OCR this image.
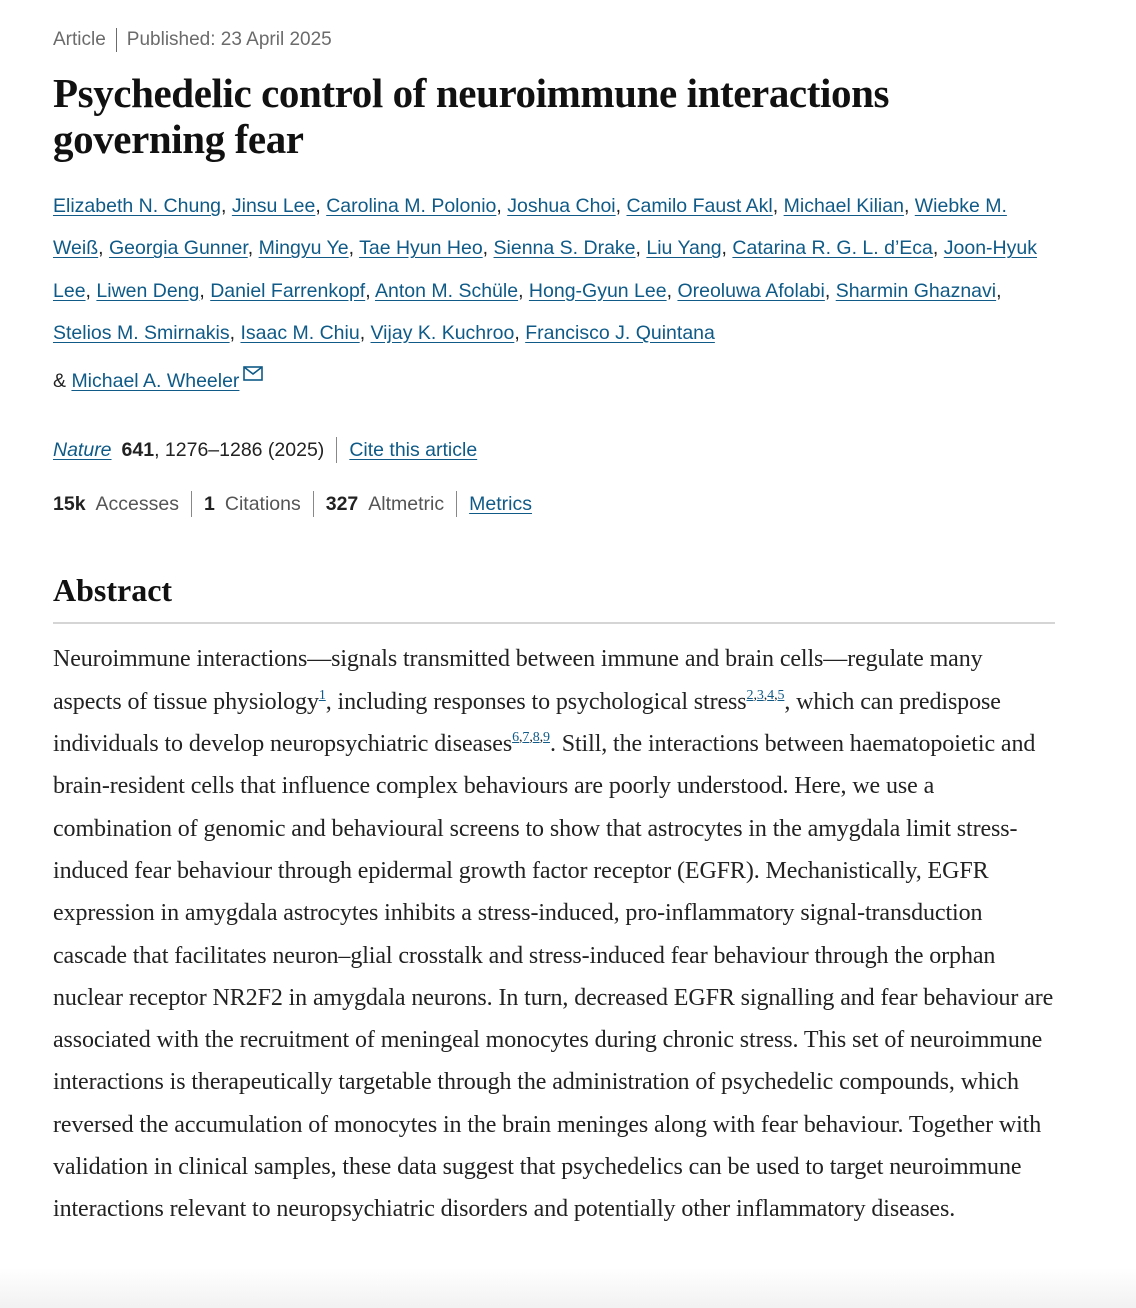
Article Published: 23 April 2025
Psychedelic control of neuroimmune interactions governing fear
Elizabeth N. Chung, Jinsu Lee, Carolina M. Polonio, Joshua Choi, Camilo Faust Akl, Michael Kilian, Wiebke M. Weiß, Georgia Gunner, Mingyu Ye, Tae Hyun Heo, Sienna S. Drake, Liu Yang, Catarina R. G. L. d’Eca, Joon-Hyuk Lee, Liwen Deng, Daniel Farrenkopf, Anton M. Schüle, Hong-Gyun Lee, Oreoluwa Afolabi, Sharmin Ghaznavi, Stelios M. Smirnakis, Isaac M. Chiu, Vijay K. Kuchroo, Francisco J. Quintana
& Michael A. Wheeler
Nature 641 , 1276–1286 (2025) Cite this article
15k Accesses 1 Citations 327 Altmetric Metrics
Abstract

Neuroimmune interactions—signals transmitted between immune and brain cells—regulate many aspects of tissue physiology$^1$, including responses to psychological stress$^{2,3,4,5}$, which can predispose individuals to develop neuropsychiatric diseases$^{6,7,8,9}$. Still, the interactions between haematopoietic and brain-resident cells that influence complex behaviours are poorly understood. Here, we use a combination of genomic and behavioural screens to show that astrocytes in the amygdala limit stress-induced fear behaviour through epidermal growth factor receptor (EGFR). Mechanistically, EGFR expression in amygdala astrocytes inhibits a stress-induced, pro-inflammatory signal-transduction cascade that facilitates neuron–glial crosstalk and stress-induced fear behaviour through the orphan nuclear receptor NR2F2 in amygdala neurons. In turn, decreased EGFR signalling and fear behaviour are associated with the recruitment of meningeal monocytes during chronic stress. This set of neuroimmune interactions is therapeutically targetable through the administration of psychedelic compounds, which reversed the accumulation of monocytes in the brain meninges along with fear behaviour. Together with validation in clinical samples, these data suggest that psychedelics can be used to target neuroimmune interactions relevant to neuropsychiatric disorders and potentially other inflammatory diseases.
